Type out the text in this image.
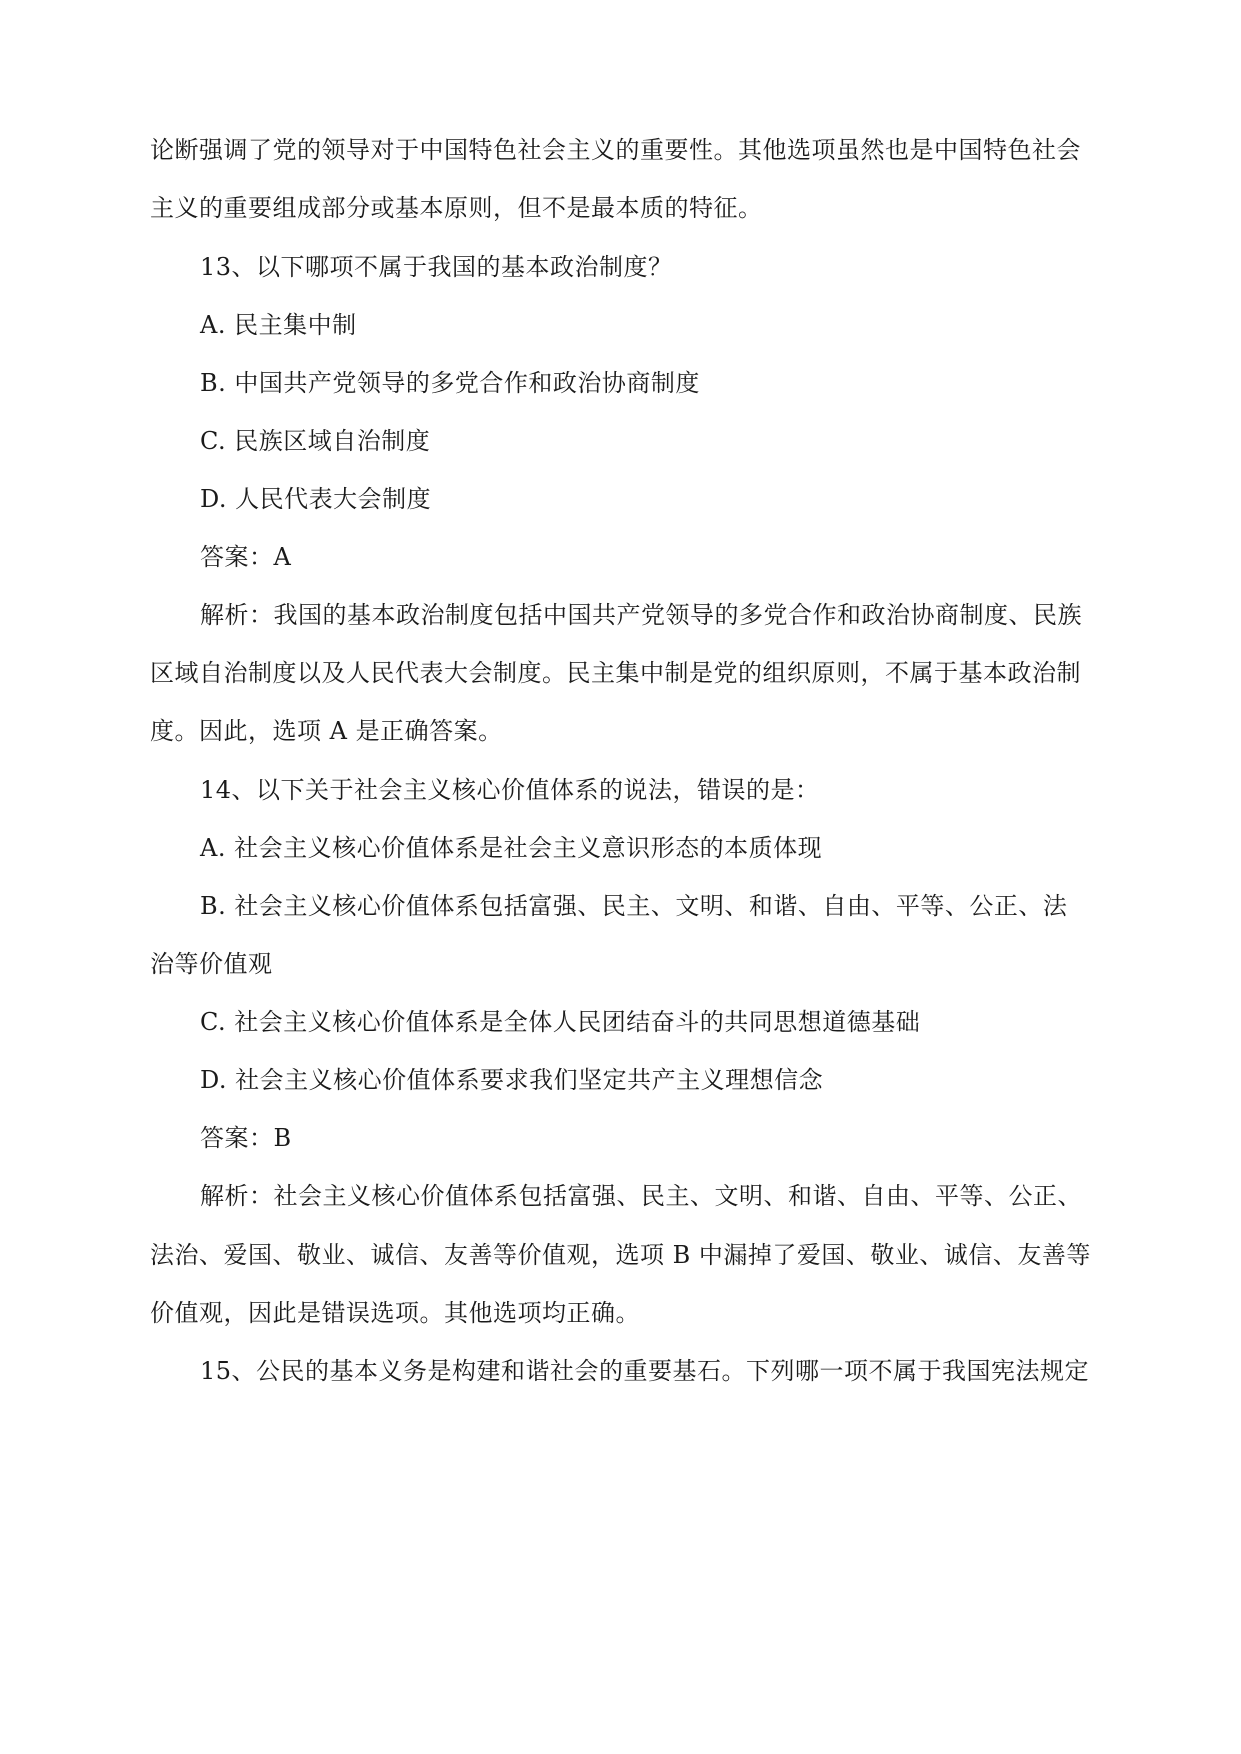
论断强调了党的领导对于中国特色社会主义的重要性。其他选项虽然也是中国特色社会
主义的重要组成部分或基本原则，但不是最本质的特征。
13、以下哪项不属于我国的基本政治制度？
A. 民主集中制
B. 中国共产党领导的多党合作和政治协商制度
C. 民族区域自治制度
D. 人民代表大会制度
答案：A
解析：我国的基本政治制度包括中国共产党领导的多党合作和政治协商制度、民族
区域自治制度以及人民代表大会制度。民主集中制是党的组织原则，不属于基本政治制
度。因此，选项 A 是正确答案。
14、以下关于社会主义核心价值体系的说法，错误的是：
A. 社会主义核心价值体系是社会主义意识形态的本质体现
B. 社会主义核心价值体系包括富强、民主、文明、和谐、自由、平等、公正、法
治等价值观
C. 社会主义核心价值体系是全体人民团结奋斗的共同思想道德基础
D. 社会主义核心价值体系要求我们坚定共产主义理想信念
答案：B
解析：社会主义核心价值体系包括富强、民主、文明、和谐、自由、平等、公正、
法治、爱国、敬业、诚信、友善等价值观，选项 B 中漏掉了爱国、敬业、诚信、友善等
价值观，因此是错误选项。其他选项均正确。
15、公民的基本义务是构建和谐社会的重要基石。下列哪一项不属于我国宪法规定
